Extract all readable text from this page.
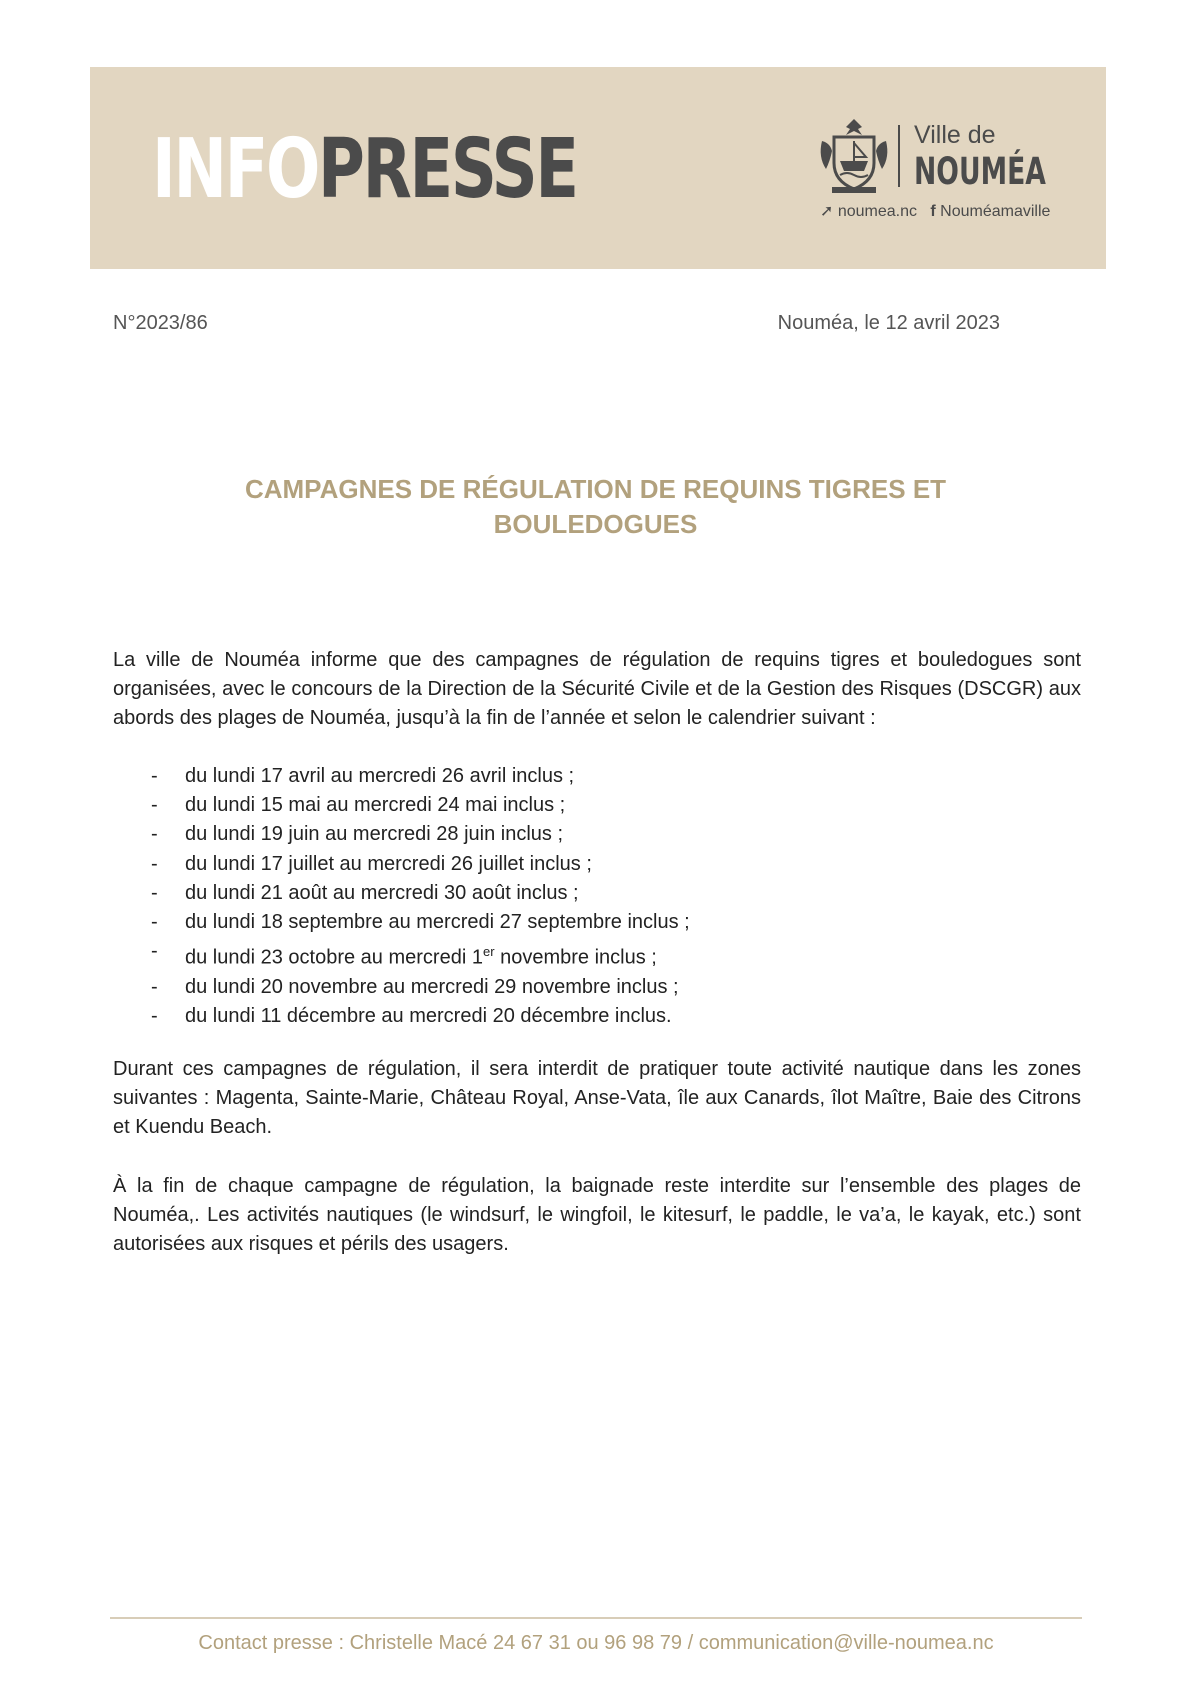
INFOPRESSE	Ville de
NOUMÉA
➚ noumea.nc f Nouméamaville
N°2023/86	Nouméa, le 12 avril 2023
CAMPAGNES DE RÉGULATION DE REQUINS TIGRES ET BOULEDOGUES
La ville de Nouméa informe que des campagnes de régulation de requins tigres et bouledogues sont organisées, avec le concours de la Direction de la Sécurité Civile et de la Gestion des Risques (DSCGR) aux abords des plages de Nouméa, jusqu’à la fin de l’année et selon le calendrier suivant :
- du lundi 17 avril au mercredi 26 avril inclus ;
- du lundi 15 mai au mercredi 24 mai inclus ;
- du lundi 19 juin au mercredi 28 juin inclus ;
- du lundi 17 juillet au mercredi 26 juillet inclus ;
- du lundi 21 août au mercredi 30 août inclus ;
- du lundi 18 septembre au mercredi 27 septembre inclus ;
- du lundi 23 octobre au mercredi 1er novembre inclus ;
- du lundi 20 novembre au mercredi 29 novembre inclus ;
- du lundi 11 décembre au mercredi 20 décembre inclus.
Durant ces campagnes de régulation, il sera interdit de pratiquer toute activité nautique dans les zones suivantes : Magenta, Sainte-Marie, Château Royal, Anse-Vata, île aux Canards, îlot Maître, Baie des Citrons et Kuendu Beach.
À la fin de chaque campagne de régulation, la baignade reste interdite sur l’ensemble des plages de Nouméa,. Les activités nautiques (le windsurf, le wingfoil, le kitesurf, le paddle, le va’a, le kayak, etc.) sont autorisées aux risques et périls des usagers.
Contact presse : Christelle Macé 24 67 31 ou 96 98 79 / communication@ville-noumea.nc
